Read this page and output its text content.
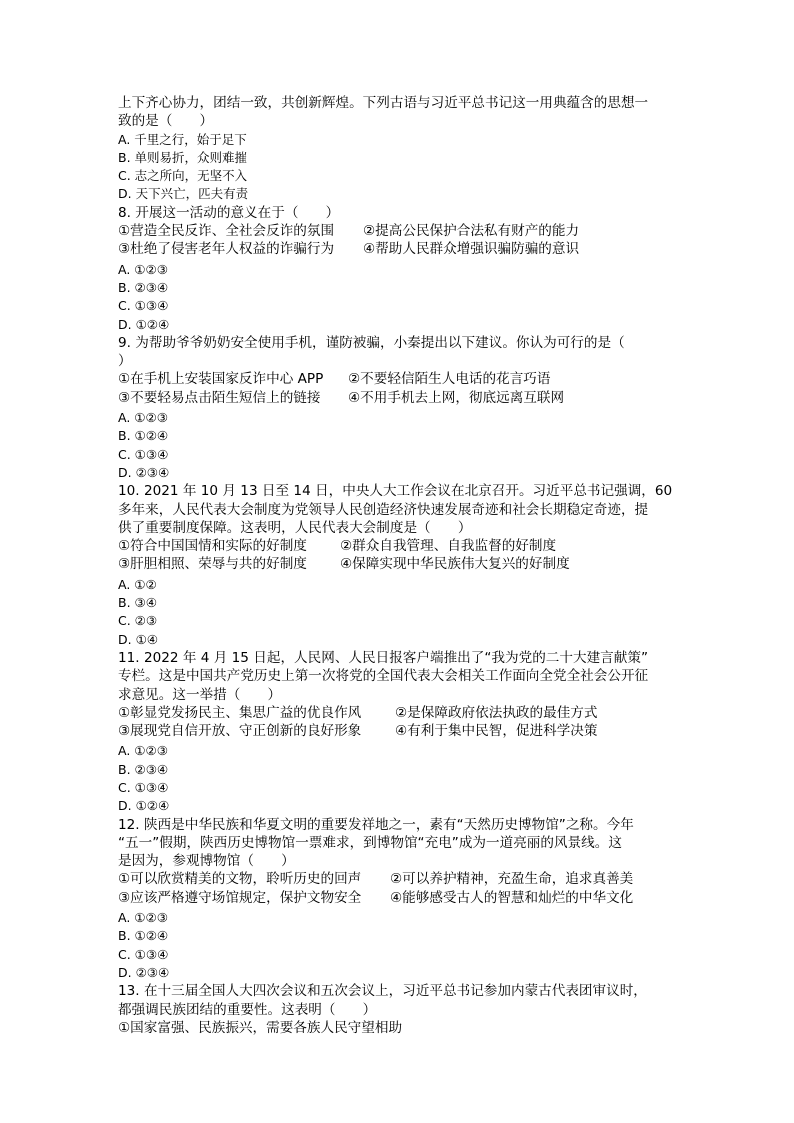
上下齐心协力，团结一致，共创新辉煌。下列古语与习近平总书记这一用典蕴含的思想一
致的是（　　）
A. 千里之行，始于足下
B. 单则易折，众则难摧
C. 志之所向，无坚不入
D. 天下兴亡，匹夫有责
8. 开展这一活动的意义在于（　　）
①营造全民反诈、全社会反诈的氛围 ②提高公民保护合法私有财产的能力
③杜绝了侵害老年人权益的诈骗行为 ④帮助人民群众增强识骗防骗的意识
A. ①②③
B. ②③④
C. ①③④
D. ①②④
9. 为帮助爷爷奶奶安全使用手机，谨防被骗，小秦提出以下建议。你认为可行的是（
）
①在手机上安装国家反诈中心 APP ②不要轻信陌生人电话的花言巧语
③不要轻易点击陌生短信上的链接 ④不用手机去上网，彻底远离互联网
A. ①②③
B. ①②④
C. ①③④
D. ②③④
10. 2021 年 10 月 13 日至 14 日，中央人大工作会议在北京召开。习近平总书记强调，60
多年来，人民代表大会制度为党领导人民创造经济快速发展奇迹和社会长期稳定奇迹，提
供了重要制度保障。这表明，人民代表大会制度是（　　）
①符合中国国情和实际的好制度 ②群众自我管理、自我监督的好制度
③肝胆相照、荣辱与共的好制度 ④保障实现中华民族伟大复兴的好制度
A. ①②
B. ③④
C. ②③
D. ①④
11. 2022 年 4 月 15 日起，人民网、人民日报客户端推出了“我为党的二十大建言献策”
专栏。这是中国共产党历史上第一次将党的全国代表大会相关工作面向全党全社会公开征
求意见。这一举措（　　）
①彰显党发扬民主、集思广益的优良作风 ②是保障政府依法执政的最佳方式
③展现党自信开放、守正创新的良好形象 ④有利于集中民智，促进科学决策
A. ①②③
B. ②③④
C. ①③④
D. ①②④
12. 陕西是中华民族和华夏文明的重要发祥地之一，素有“天然历史博物馆”之称。今年
“五一”假期，陕西历史博物馆一票难求，到博物馆“充电”成为一道亮丽的风景线。这
是因为，参观博物馆（　　）
①可以欣赏精美的文物，聆听历史的回声 ②可以养护精神，充盈生命，追求真善美
③应该严格遵守场馆规定，保护文物安全 ④能够感受古人的智慧和灿烂的中华文化
A. ①②③
B. ①②④
C. ①③④
D. ②③④
13. 在十三届全国人大四次会议和五次会议上，习近平总书记参加内蒙古代表团审议时，
都强调民族团结的重要性。这表明（　　）
①国家富强、民族振兴，需要各族人民守望相助
